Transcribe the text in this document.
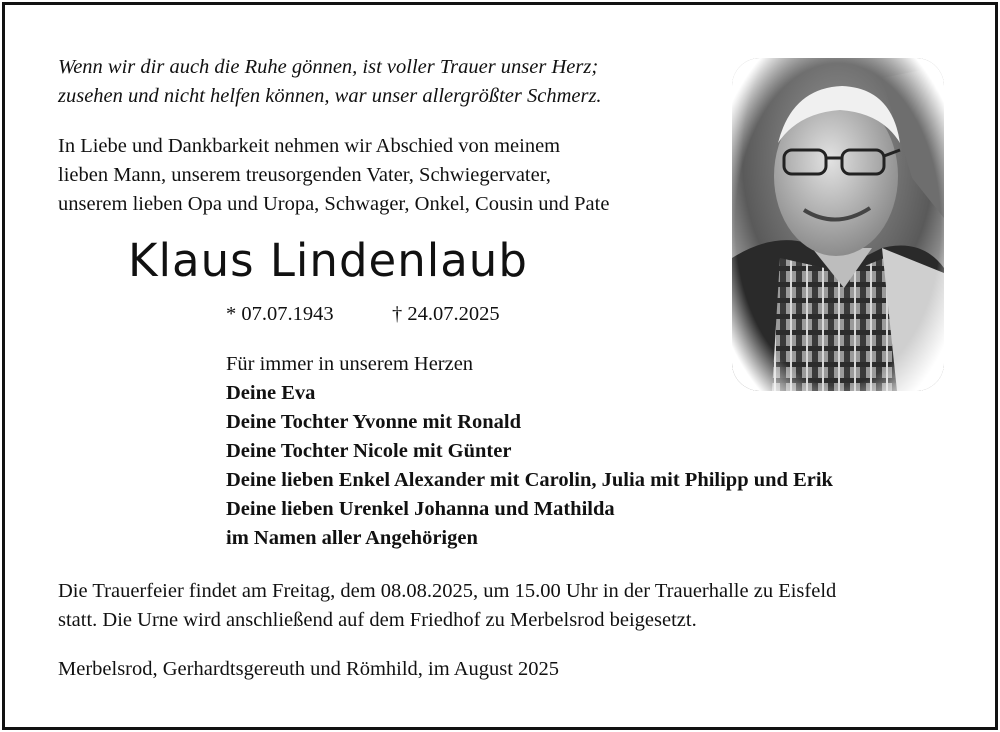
Wenn wir dir auch die Ruhe gönnen, ist voller Trauer unser Herz;
zusehen und nicht helfen können, war unser allergrößter Schmerz.
In Liebe und Dankbarkeit nehmen wir Abschied von meinem
lieben Mann, unserem treusorgenden Vater, Schwiegervater,
unserem lieben Opa und Uropa, Schwager, Onkel, Cousin und Pate
Klaus Lindenlaub
* 07.07.1943	† 24.07.2025
Für immer in unserem Herzen
Deine Eva
Deine Tochter Yvonne mit Ronald
Deine Tochter Nicole mit Günter
Deine lieben Enkel Alexander mit Carolin, Julia mit Philipp und Erik
Deine lieben Urenkel Johanna und Mathilda
im Namen aller Angehörigen
Die Trauerfeier findet am Freitag, dem 08.08.2025, um 15.00 Uhr in der Trauerhalle zu Eisfeld
statt. Die Urne wird anschließend auf dem Friedhof zu Merbelsrod beigesetzt.
Merbelsrod, Gerhardtsgereuth und Römhild, im August 2025
